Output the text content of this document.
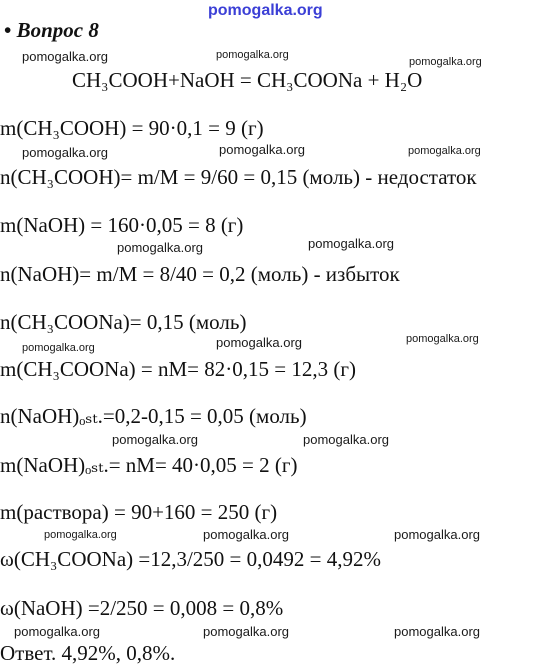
pomogalka.org
pomogalka.org	pomogalka.org
pomogalka.org
pomogalka.org	pomogalka.org	pomogalka.org
pomogalka.org	pomogalka.org
pomogalka.org	pomogalka.org	pomogalka.org
pomogalka.org	pomogalka.org
pomogalka.org	pomogalka.org	pomogalka.org
pomogalka.org	pomogalka.org	pomogalka.org
• Вопрос 8
CH₃COOH+NaOH = CH₃COONa + H₂O
m(CH₃COOH) = 90·0,1 = 9 (г)
n(CH₃COOH)= m/M = 9/60 = 0,15 (моль) - недостаток
m(NaOH) = 160·0,05 = 8 (г)
n(NaOH)= m/M = 8/40 = 0,2 (моль) - избыток
n(CH₃COONa)= 0,15 (моль)
m(CH₃COONa) = nM= 82·0,15 = 12,3 (г)
n(NaOH)ₒₛₜ.=0,2-0,15 = 0,05 (моль)
m(NaOH)ₒₛₜ.= nM= 40·0,05 = 2 (г)
m(раствора) = 90+160 = 250 (г)
ω(CH₃COONa) =12,3/250 = 0,0492 = 4,92%
ω(NaOH) =2/250 = 0,008 = 0,8%
Ответ. 4,92%, 0,8%.
